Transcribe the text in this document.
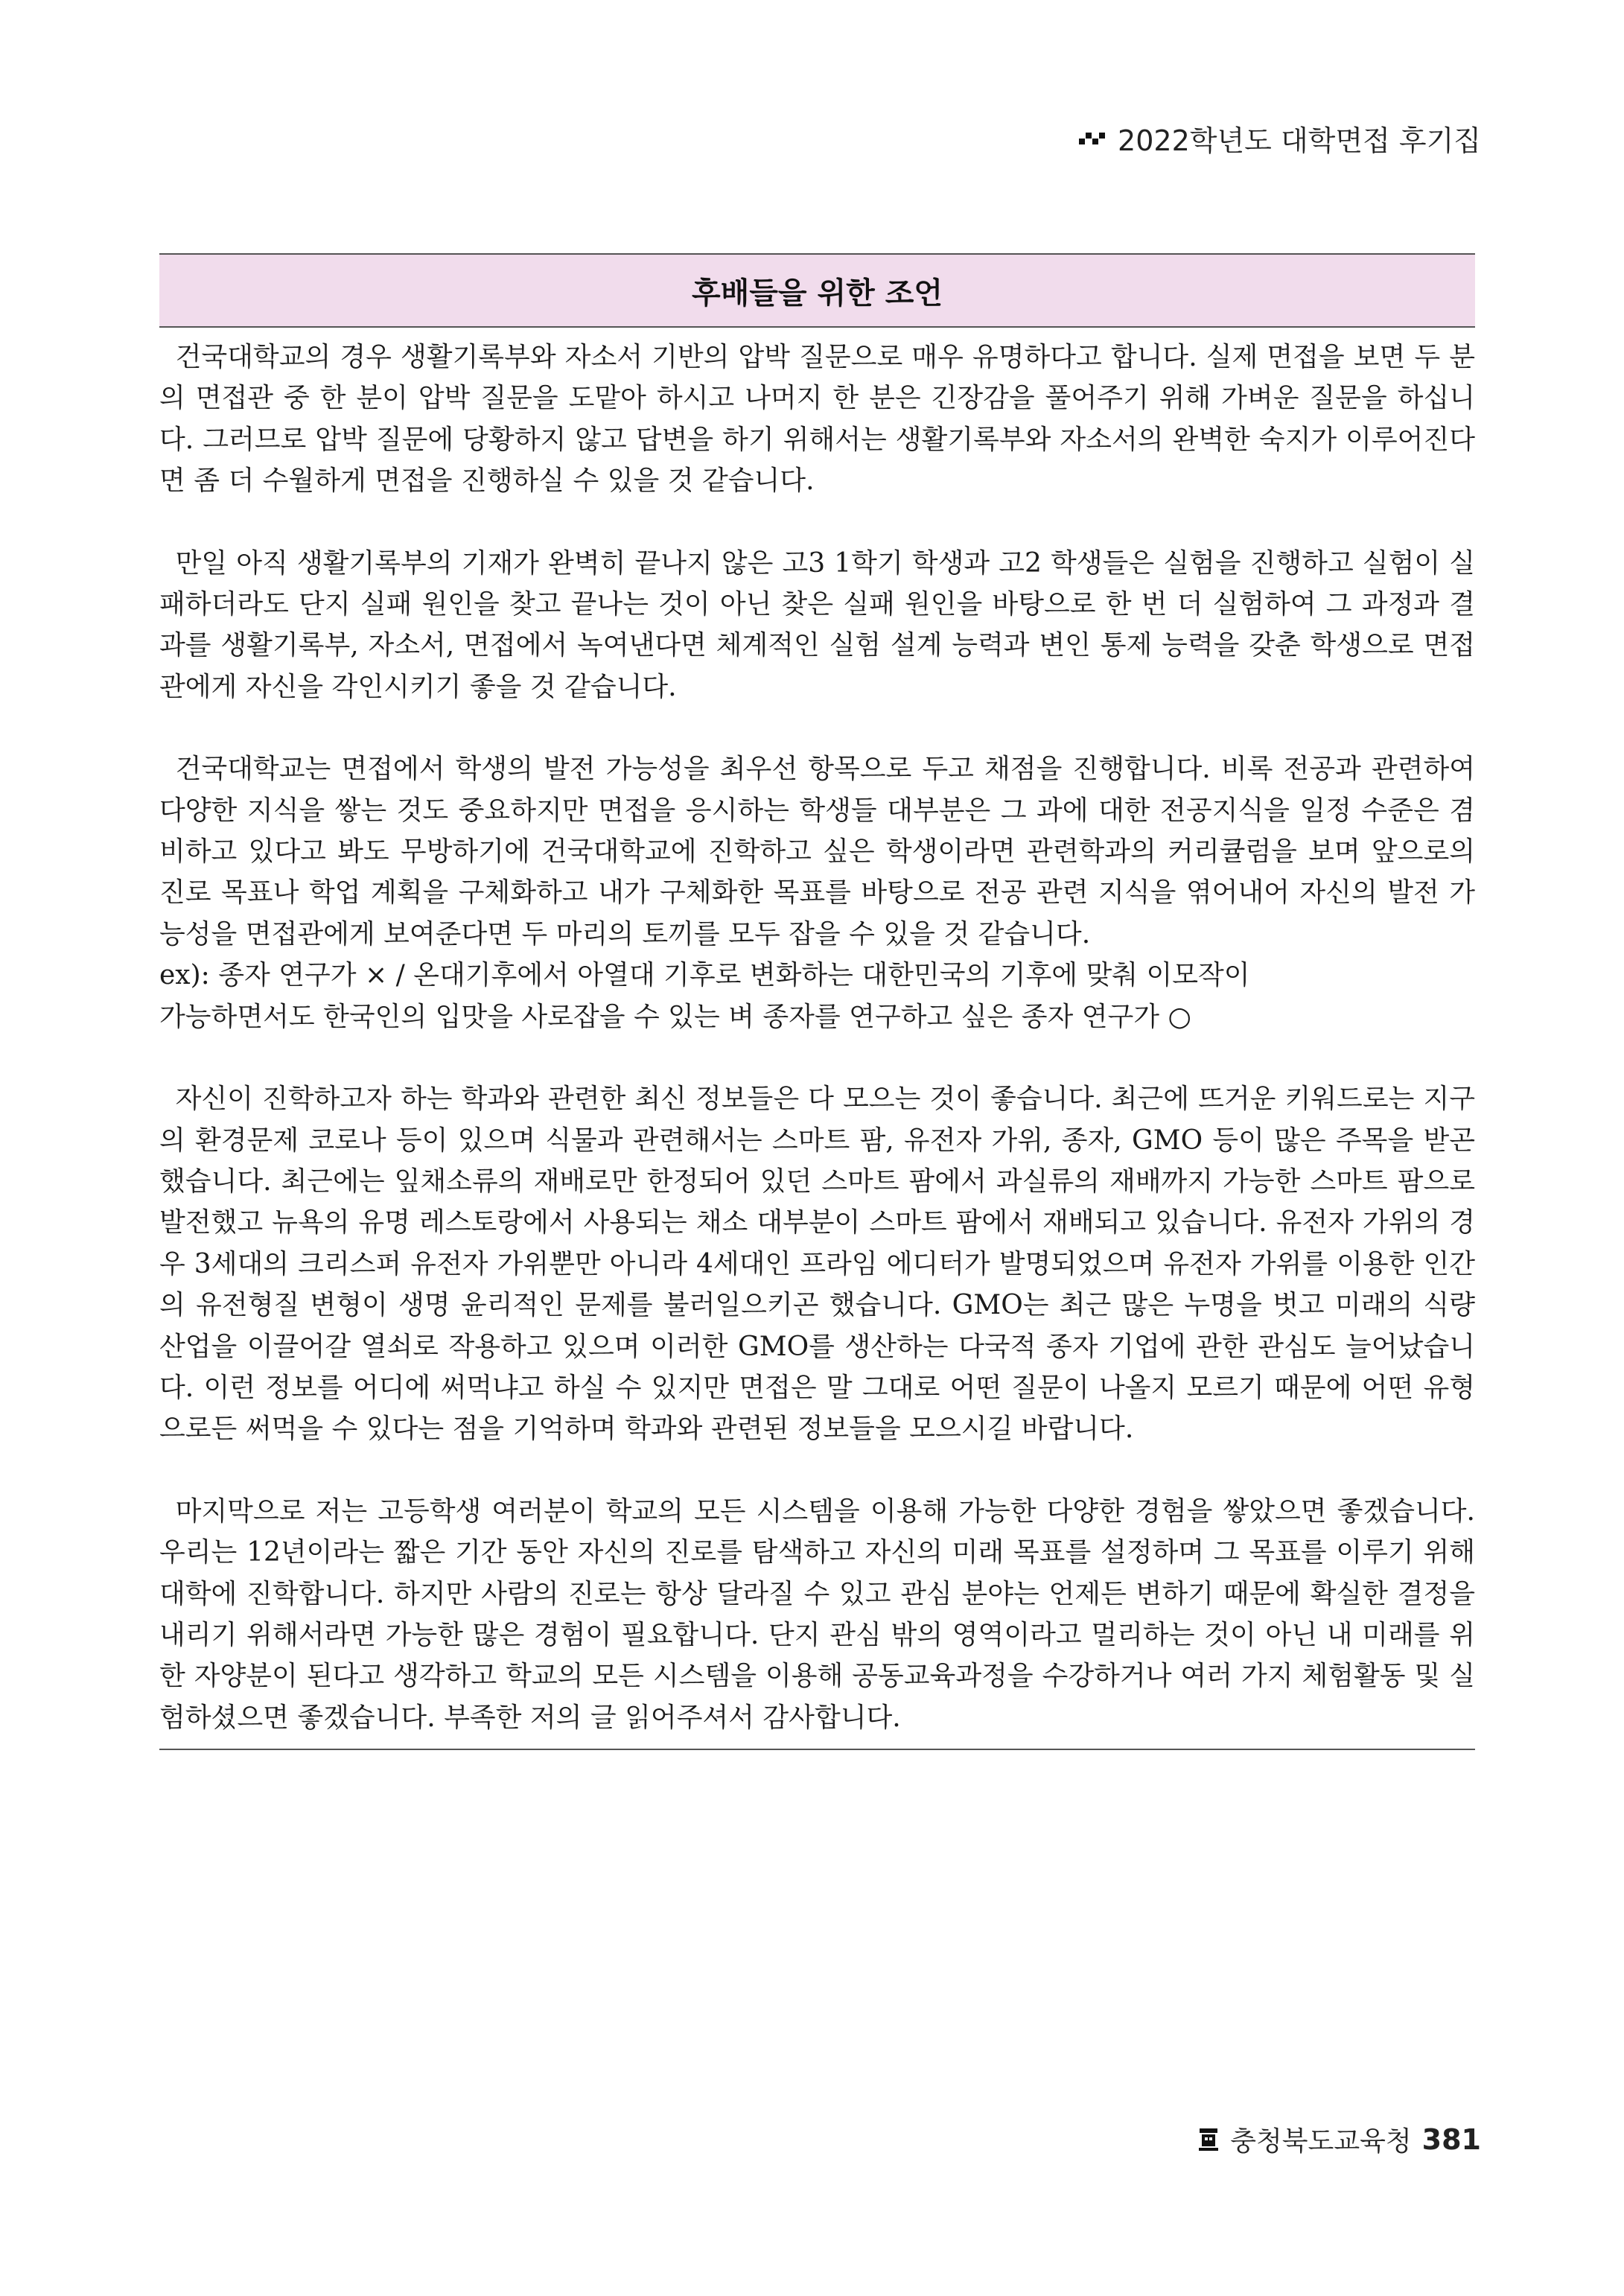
2022학년도 대학면접 후기집
후배들을 위한 조언

건국대학교의 경우 생활기록부와 자소서 기반의 압박 질문으로 매우 유명하다고 합니다. 실제 면접을 보면 두 분의 면접관 중 한 분이 압박 질문을 도맡아 하시고 나머지 한 분은 긴장감을 풀어주기 위해 가벼운 질문을 하십니다. 그러므로 압박 질문에 당황하지 않고 답변을 하기 위해서는 생활기록부와 자소서의 완벽한 숙지가 이루어진다면 좀 더 수월하게 면접을 진행하실 수 있을 것 같습니다.

만일 아직 생활기록부의 기재가 완벽히 끝나지 않은 고3 1학기 학생과 고2 학생들은 실험을 진행하고 실험이 실패하더라도 단지 실패 원인을 찾고 끝나는 것이 아닌 찾은 실패 원인을 바탕으로 한 번 더 실험하여 그 과정과 결과를 생활기록부, 자소서, 면접에서 녹여낸다면 체계적인 실험 설계 능력과 변인 통제 능력을 갖춘 학생으로 면접관에게 자신을 각인시키기 좋을 것 같습니다.

건국대학교는 면접에서 학생의 발전 가능성을 최우선 항목으로 두고 채점을 진행합니다. 비록 전공과 관련하여 다양한 지식을 쌓는 것도 중요하지만 면접을 응시하는 학생들 대부분은 그 과에 대한 전공지식을 일정 수준은 겸비하고 있다고 봐도 무방하기에 건국대학교에 진학하고 싶은 학생이라면 관련학과의 커리큘럼을 보며 앞으로의 진로 목표나 학업 계획을 구체화하고 내가 구체화한 목표를 바탕으로 전공 관련 지식을 엮어내어 자신의 발전 가능성을 면접관에게 보여준다면 두 마리의 토끼를 모두 잡을 수 있을 것 같습니다.
ex): 종자 연구가 × / 온대기후에서 아열대 기후로 변화하는 대한민국의 기후에 맞춰 이모작이
가능하면서도 한국인의 입맛을 사로잡을 수 있는 벼 종자를 연구하고 싶은 종자 연구가 ○

자신이 진학하고자 하는 학과와 관련한 최신 정보들은 다 모으는 것이 좋습니다. 최근에 뜨거운 키워드로는 지구의 환경문제 코로나 등이 있으며 식물과 관련해서는 스마트 팜, 유전자 가위, 종자, GMO 등이 많은 주목을 받곤 했습니다. 최근에는 잎채소류의 재배로만 한정되어 있던 스마트 팜에서 과실류의 재배까지 가능한 스마트 팜으로 발전했고 뉴욕의 유명 레스토랑에서 사용되는 채소 대부분이 스마트 팜에서 재배되고 있습니다. 유전자 가위의 경우 3세대의 크리스퍼 유전자 가위뿐만 아니라 4세대인 프라임 에디터가 발명되었으며 유전자 가위를 이용한 인간의 유전형질 변형이 생명 윤리적인 문제를 불러일으키곤 했습니다. GMO는 최근 많은 누명을 벗고 미래의 식량 산업을 이끌어갈 열쇠로 작용하고 있으며 이러한 GMO를 생산하는 다국적 종자 기업에 관한 관심도 늘어났습니다. 이런 정보를 어디에 써먹냐고 하실 수 있지만 면접은 말 그대로 어떤 질문이 나올지 모르기 때문에 어떤 유형으로든 써먹을 수 있다는 점을 기억하며 학과와 관련된 정보들을 모으시길 바랍니다.

마지막으로 저는 고등학생 여러분이 학교의 모든 시스템을 이용해 가능한 다양한 경험을 쌓았으면 좋겠습니다. 우리는 12년이라는 짧은 기간 동안 자신의 진로를 탐색하고 자신의 미래 목표를 설정하며 그 목표를 이루기 위해 대학에 진학합니다. 하지만 사람의 진로는 항상 달라질 수 있고 관심 분야는 언제든 변하기 때문에 확실한 결정을 내리기 위해서라면 가능한 많은 경험이 필요합니다. 단지 관심 밖의 영역이라고 멀리하는 것이 아닌 내 미래를 위한 자양분이 된다고 생각하고 학교의 모든 시스템을 이용해 공동교육과정을 수강하거나 여러 가지 체험활동 및 실험하셨으면 좋겠습니다. 부족한 저의 글 읽어주셔서 감사합니다.

충청북도교육청 381
